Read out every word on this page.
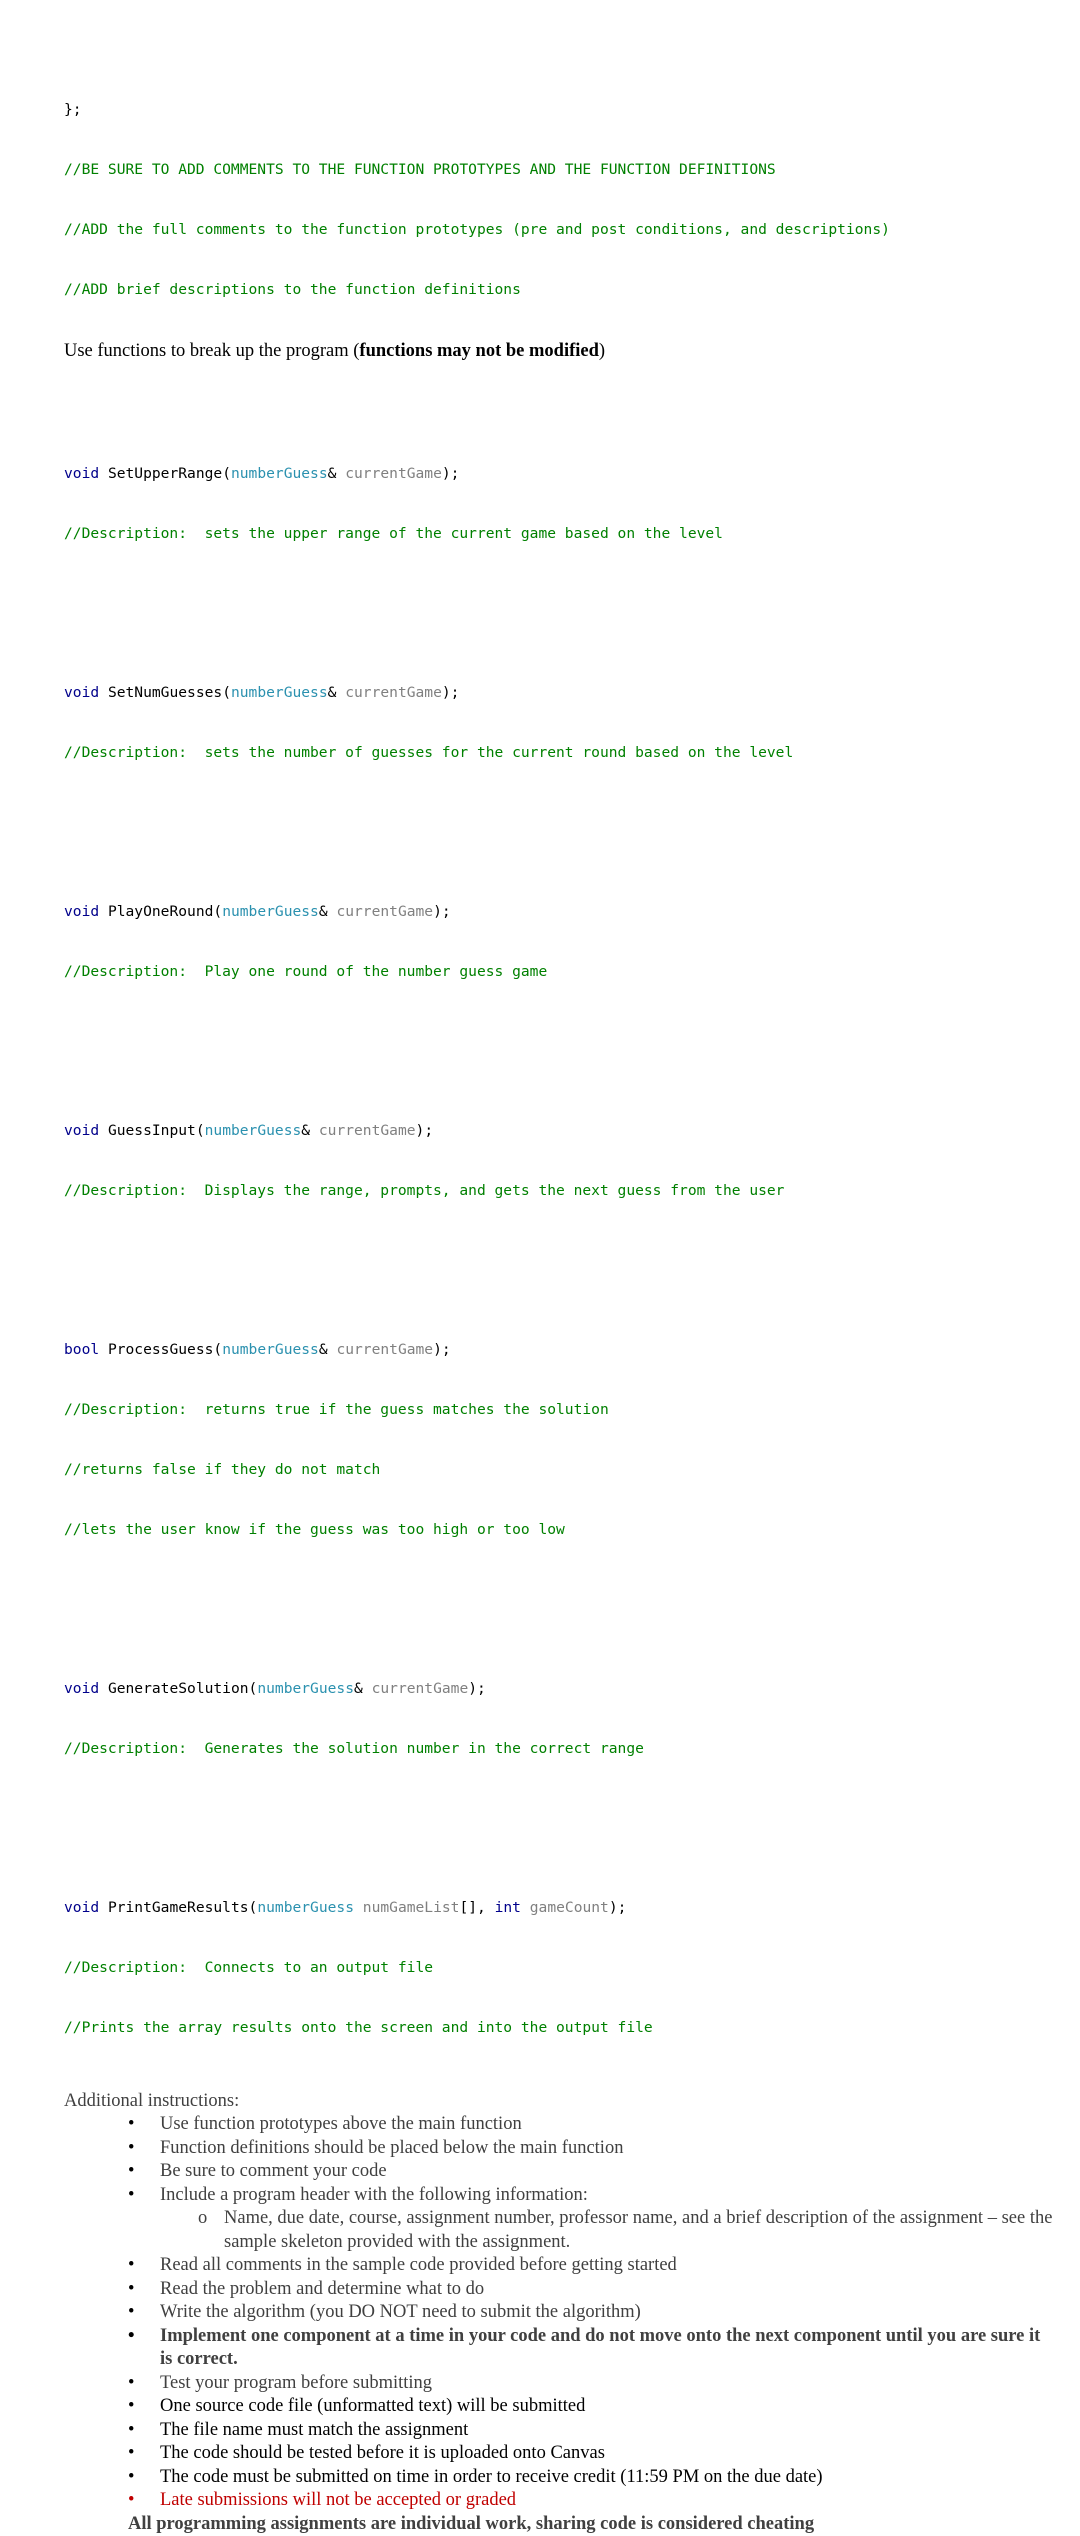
};

//BE SURE TO ADD COMMENTS TO THE FUNCTION PROTOTYPES AND THE FUNCTION DEFINITIONS

//ADD the full comments to the function prototypes (pre and post conditions, and descriptions)

//ADD brief descriptions to the function definitions

Use functions to break up the program (functions may not be modified)

void SetUpperRange(numberGuess& currentGame);

//Description:  sets the upper range of the current game based on the level

void SetNumGuesses(numberGuess& currentGame);

//Description:  sets the number of guesses for the current round based on the level

void PlayOneRound(numberGuess& currentGame);

//Description:  Play one round of the number guess game

void GuessInput(numberGuess& currentGame);

//Description:  Displays the range, prompts, and gets the next guess from the user

bool ProcessGuess(numberGuess& currentGame);

//Description:  returns true if the guess matches the solution

//returns false if they do not match

//lets the user know if the guess was too high or too low

void GenerateSolution(numberGuess& currentGame);

//Description:  Generates the solution number in the correct range

void PrintGameResults(numberGuess numGameList[], int gameCount);

//Description:  Connects to an output file

//Prints the array results onto the screen and into the output file

Additional instructions:
• Use function prototypes above the main function
• Function definitions should be placed below the main function
• Be sure to comment your code
• Include a program header with the following information:
o Name, due date, course, assignment number, professor name, and a brief description of the assignment – see the sample skeleton provided with the assignment.
• Read all comments in the sample code provided before getting started
• Read the problem and determine what to do
• Write the algorithm (you DO NOT need to submit the algorithm)
• Implement one component at a time in your code and do not move onto the next component until you are sure it is correct.
• Test your program before submitting
• One source code file (unformatted text) will be submitted
• The file name must match the assignment
• The code should be tested before it is uploaded onto Canvas
• The code must be submitted on time in order to receive credit (11:59 PM on the due date)
• Late submissions will not be accepted or graded
All programming assignments are individual work, sharing code is considered cheating
